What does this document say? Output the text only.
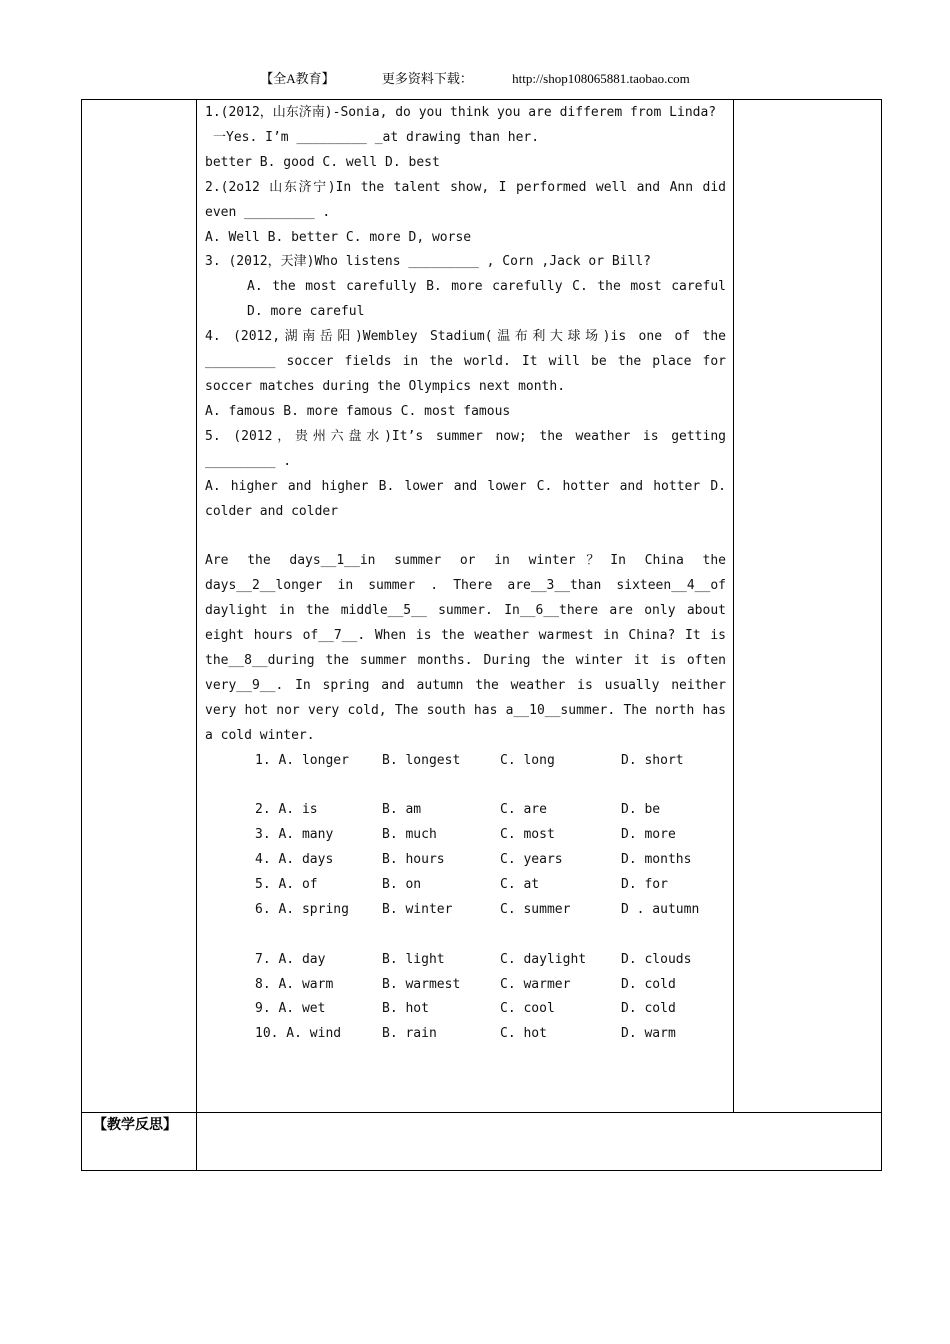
【全A教育】	更多资料下载：	http://shop108065881.taobao.com

1.(2012，山东济南)-Sonia, do you think you are differem from Linda?

一Yes. I’m _________ _at drawing than her.

better B. good C. well D. best

2.(2o12 山东济宁)In the talent show, I performed well and Ann did even _________ .

A. Well B. better C. more D, worse

3. (2012，天津)Who listens _________ , Corn ,Jack or Bill?

A. the most carefully B. more carefully C. the most careful D. more careful

4. (2012,湖南岳阳)Wembley Stadium(温布利大球场)is one of the _________ soccer fields in the world. It will be the place for soccer matches during the Olympics next month.

A. famous B. more famous C. most famous

5. (2012，贵州六盘水)It’s summer now; the weather is getting _________ .

A. higher and higher B. lower and lower C. hotter and hotter D. colder and colder

Are the days__1__in summer or in winter？In China the days__2__longer in summer . There are__3__than sixteen__4__of daylight in the middle__5__ summer. In__6__there are only about eight hours of__7__. When is the weather warmest in China? It is the__8__during the summer months. During the winter it is often very__9__. In spring and autumn the weather is usually neither very hot nor very cold, The south has a__10__summer. The north has a cold winter.

1. A. longer	B. longest	C. long	D. short
2. A. is	B. am	C. are	D. be
3. A. many	B. much	C. most	D. more
4. A. days	B. hours	C. years	D. months
5. A. of	B. on	C. at	D. for
6. A. spring	B. winter	C. summer	D . autumn
7. A. day	B. light	C. daylight	D. clouds
8. A. warm	B. warmest	C. warmer	D. cold
9. A. wet	B. hot	C. cool	D. cold
10. A. wind	B. rain	C. hot	D. warm
【教学反思】
